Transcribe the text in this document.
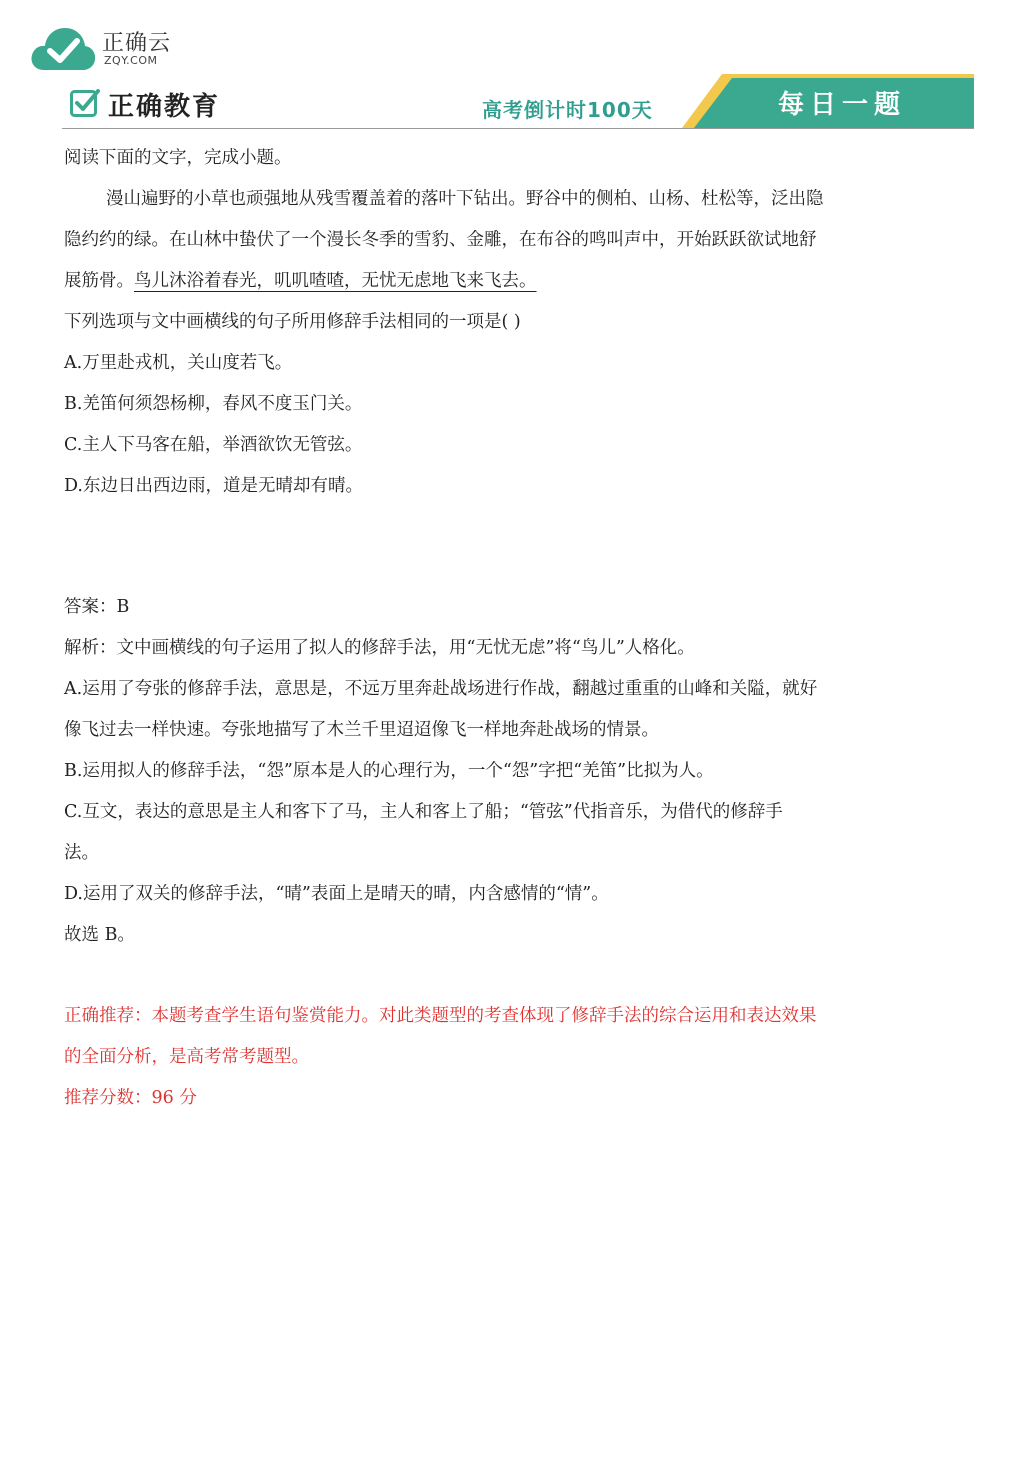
正确云
ZQY.COM
正确教育	高考倒计时100天	每日一题

阅读下面的文字，完成小题。

漫山遍野的小草也顽强地从残雪覆盖着的落叶下钻出。野谷中的侧柏、山杨、杜松等，泛出隐

隐约约的绿。在山林中蛰伏了一个漫长冬季的雪豹、金雕，在布谷的鸣叫声中，开始跃跃欲试地舒

展筋骨。鸟儿沐浴着春光，叽叽喳喳，无忧无虑地飞来飞去。

下列选项与文中画横线的句子所用修辞手法相同的一项是( )

A.万里赴戎机，关山度若飞。

B.羌笛何须怨杨柳，春风不度玉门关。

C.主人下马客在船，举酒欲饮无管弦。

D.东边日出西边雨，道是无晴却有晴。

答案：B

解析：文中画横线的句子运用了拟人的修辞手法，用“无忧无虑”将“鸟儿”人格化。

A.运用了夸张的修辞手法，意思是，不远万里奔赴战场进行作战，翻越过重重的山峰和关隘，就好

像飞过去一样快速。夸张地描写了木兰千里迢迢像飞一样地奔赴战场的情景。

B.运用拟人的修辞手法，“怨”原本是人的心理行为，一个“怨”字把“羌笛”比拟为人。

C.互文，表达的意思是主人和客下了马，主人和客上了船；“管弦”代指音乐，为借代的修辞手

法。

D.运用了双关的修辞手法，“晴”表面上是晴天的晴，内含感情的“情”。

故选 B。

正确推荐：本题考查学生语句鉴赏能力。对此类题型的考查体现了修辞手法的综合运用和表达效果

的全面分析，是高考常考题型。

推荐分数：96 分
